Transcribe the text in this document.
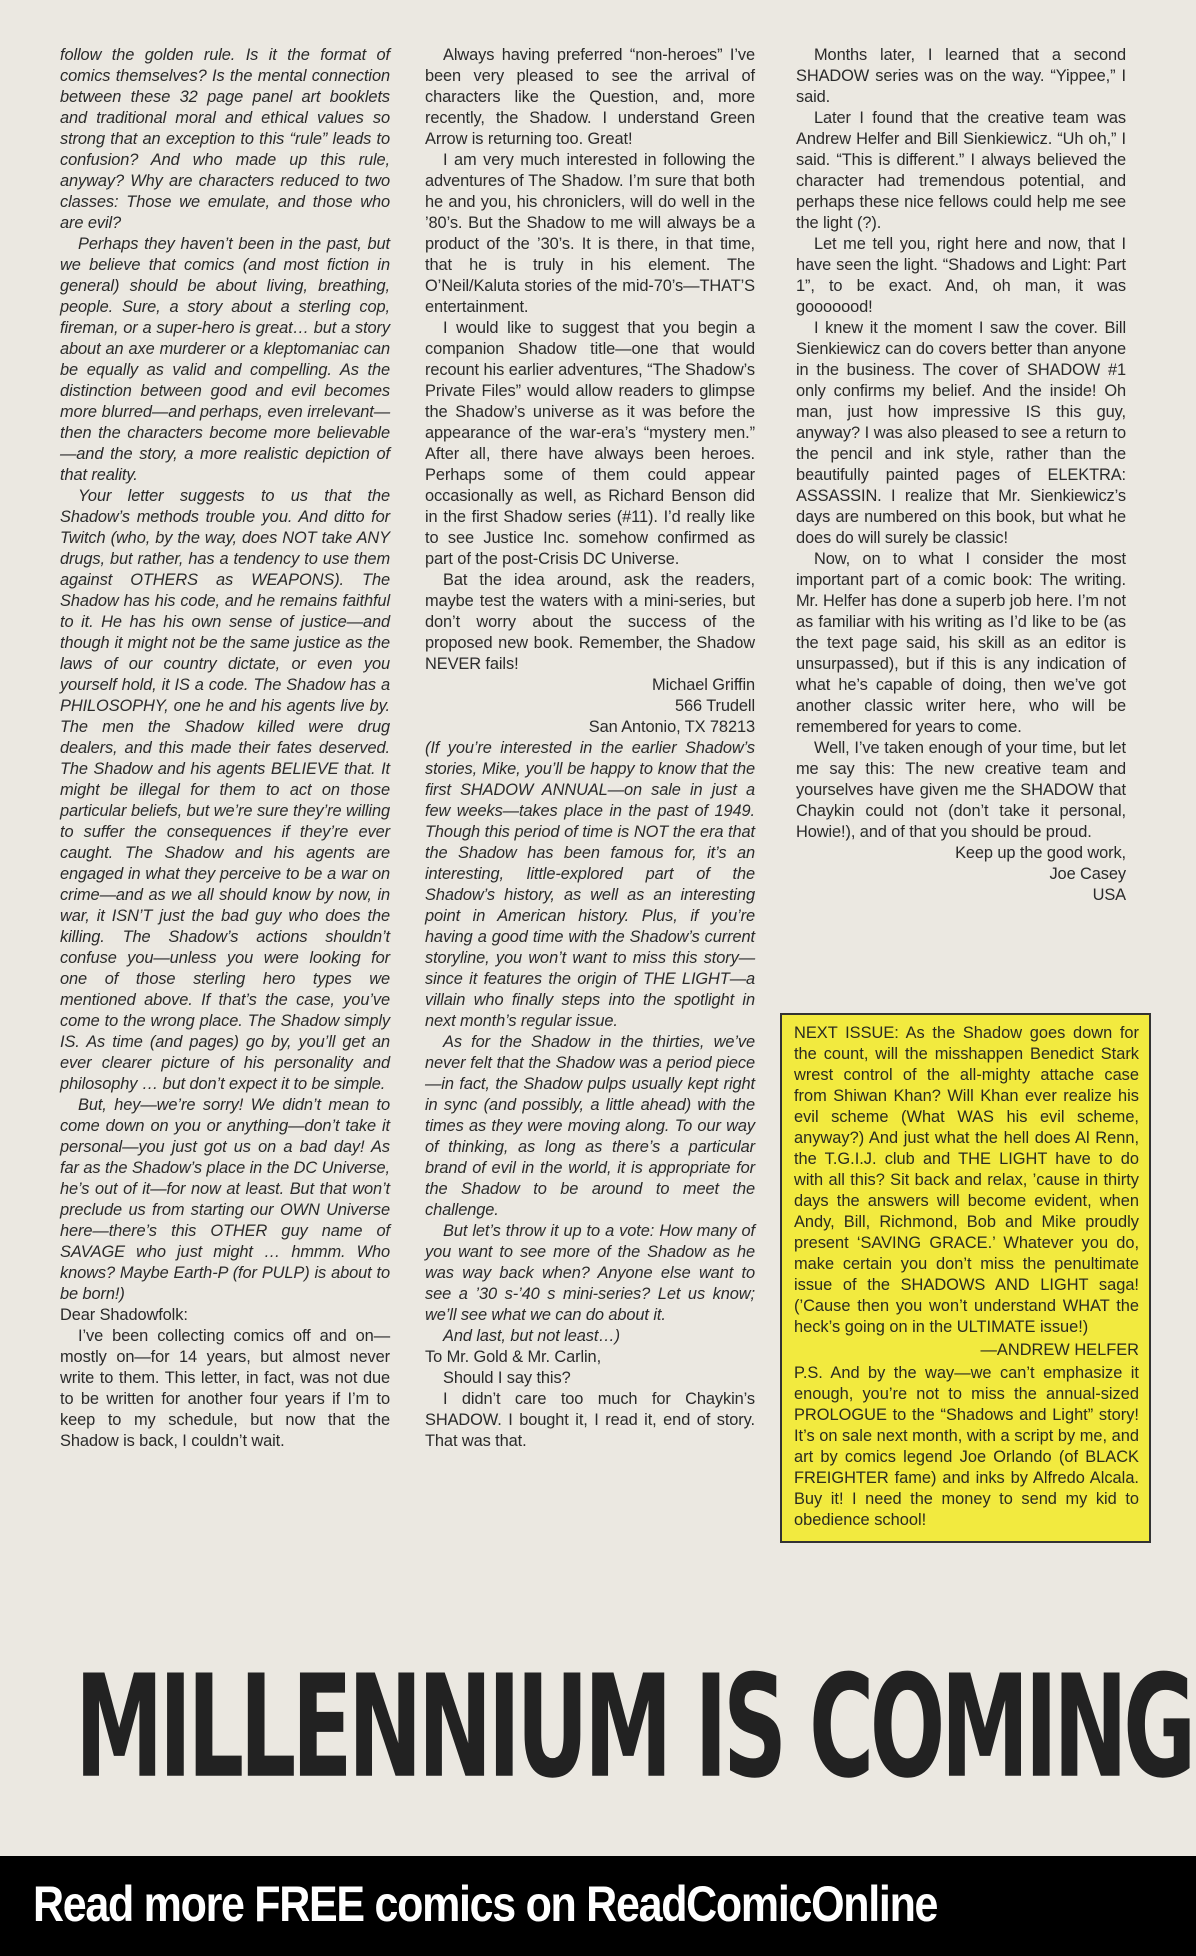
follow the golden rule. Is it the format of comics themselves? Is the mental connection between these 32 page panel art booklets and traditional moral and ethical values so strong that an exception to this “rule” leads to confusion? And who made up this rule, anyway? Why are characters reduced to two classes: Those we emulate, and those who are evil?

Perhaps they haven’t been in the past, but we believe that comics (and most fiction in general) should be about living, breathing, people. Sure, a story about a sterling cop, fireman, or a super-hero is great… but a story about an axe murderer or a kleptomaniac can be equally as valid and compelling. As the distinction between good and evil becomes more blurred—and perhaps, even irrelevant—then the characters become more believable—and the story, a more realistic depiction of that reality.

Your letter suggests to us that the Shadow’s methods trouble you. And ditto for Twitch (who, by the way, does NOT take ANY drugs, but rather, has a tendency to use them against OTHERS as WEAPONS). The Shadow has his code, and he remains faithful to it. He has his own sense of justice—and though it might not be the same justice as the laws of our country dictate, or even you yourself hold, it IS a code. The Shadow has a PHILOSOPHY, one he and his agents live by. The men the Shadow killed were drug dealers, and this made their fates deserved. The Shadow and his agents BELIEVE that. It might be illegal for them to act on those particular beliefs, but we’re sure they’re willing to suffer the consequences if they’re ever caught. The Shadow and his agents are engaged in what they perceive to be a war on crime—and as we all should know by now, in war, it ISN’T just the bad guy who does the killing. The Shadow’s actions shouldn’t confuse you—unless you were looking for one of those sterling hero types we mentioned above. If that’s the case, you’ve come to the wrong place. The Shadow simply IS. As time (and pages) go by, you’ll get an ever clearer picture of his personality and philosophy … but don’t expect it to be simple.

But, hey—we’re sorry! We didn’t mean to come down on you or anything—don’t take it personal—you just got us on a bad day! As far as the Shadow’s place in the DC Universe, he’s out of it—for now at least. But that won’t preclude us from starting our OWN Universe here—there’s this OTHER guy name of SAVAGE who just might … hmmm. Who knows? Maybe Earth-P (for PULP) is about to be born!)

Dear Shadowfolk:

I’ve been collecting comics off and on—mostly on—for 14 years, but almost never write to them. This letter, in fact, was not due to be written for another four years if I’m to keep to my schedule, but now that the Shadow is back, I couldn’t wait.

Always having preferred “non-heroes” I’ve been very pleased to see the arrival of characters like the Question, and, more recently, the Shadow. I understand Green Arrow is returning too. Great!

I am very much interested in following the adventures of The Shadow. I’m sure that both he and you, his chroniclers, will do well in the ’80’s. But the Shadow to me will always be a product of the ’30’s. It is there, in that time, that he is truly in his element. The O’Neil/Kaluta stories of the mid-70’s—THAT’S entertainment.

I would like to suggest that you begin a companion Shadow title—one that would recount his earlier adventures, “The Shadow’s Private Files” would allow readers to glimpse the Shadow’s universe as it was before the appearance of the war-era’s “mystery men.” After all, there have always been heroes. Perhaps some of them could appear occasionally as well, as Richard Benson did in the first Shadow series (#11). I’d really like to see Justice Inc. somehow confirmed as part of the post-Crisis DC Universe.

Bat the idea around, ask the readers, maybe test the waters with a mini-series, but don’t worry about the success of the proposed new book. Remember, the Shadow NEVER fails!

Michael Griffin

566 Trudell

San Antonio, TX 78213

(If you’re interested in the earlier Shadow’s stories, Mike, you’ll be happy to know that the first SHADOW ANNUAL—on sale in just a few weeks—takes place in the past of 1949. Though this period of time is NOT the era that the Shadow has been famous for, it’s an interesting, little-explored part of the Shadow’s history, as well as an interesting point in American history. Plus, if you’re having a good time with the Shadow’s current storyline, you won’t want to miss this story—since it features the origin of THE LIGHT—a villain who finally steps into the spotlight in next month’s regular issue.

As for the Shadow in the thirties, we’ve never felt that the Shadow was a period piece—in fact, the Shadow pulps usually kept right in sync (and possibly, a little ahead) with the times as they were moving along. To our way of thinking, as long as there’s a particular brand of evil in the world, it is appropriate for the Shadow to be around to meet the challenge.

But let’s throw it up to a vote: How many of you want to see more of the Shadow as he was way back when? Anyone else want to see a ’30 s-’40 s mini-series? Let us know; we’ll see what we can do about it.

And last, but not least…)

To Mr. Gold & Mr. Carlin,

Should I say this?

I didn’t care too much for Chaykin’s SHADOW. I bought it, I read it, end of story. That was that.

Months later, I learned that a second SHADOW series was on the way. “Yippee,” I said.

Later I found that the creative team was Andrew Helfer and Bill Sienkiewicz. “Uh oh,” I said. “This is different.” I always believed the character had tremendous potential, and perhaps these nice fellows could help me see the light (?).

Let me tell you, right here and now, that I have seen the light. “Shadows and Light: Part 1”, to be exact. And, oh man, it was gooooood!

I knew it the moment I saw the cover. Bill Sienkiewicz can do covers better than anyone in the business. The cover of SHADOW #1 only confirms my belief. And the inside! Oh man, just how impressive IS this guy, anyway? I was also pleased to see a return to the pencil and ink style, rather than the beautifully painted pages of ELEKTRA: ASSASSIN. I realize that Mr. Sienkiewicz’s days are numbered on this book, but what he does do will surely be classic!

Now, on to what I consider the most important part of a comic book: The writing. Mr. Helfer has done a superb job here. I’m not as familiar with his writing as I’d like to be (as the text page said, his skill as an editor is unsurpassed), but if this is any indication of what he’s capable of doing, then we’ve got another classic writer here, who will be remembered for years to come.

Well, I’ve taken enough of your time, but let me say this: The new creative team and yourselves have given me the SHADOW that Chaykin could not (don’t take it personal, Howie!), and of that you should be proud.

Keep up the good work,

Joe Casey

USA

NEXT ISSUE: As the Shadow goes down for the count, will the misshappen Benedict Stark wrest control of the all-mighty attache case from Shiwan Khan? Will Khan ever realize his evil scheme (What WAS his evil scheme, anyway?) And just what the hell does Al Renn, the T.G.I.J. club and THE LIGHT have to do with all this? Sit back and relax, ’cause in thirty days the answers will become evident, when Andy, Bill, Richmond, Bob and Mike proudly present ‘SAVING GRACE.’ Whatever you do, make certain you don’t miss the penultimate issue of the SHADOWS AND LIGHT saga! (’Cause then you won’t understand WHAT the heck’s going on in the ULTIMATE issue!)

—ANDREW HELFER

P.S. And by the way—we can’t emphasize it enough, you’re not to miss the annual-sized PROLOGUE to the “Shadows and Light” story! It’s on sale next month, with a script by me, and art by comics legend Joe Orlando (of BLACK FREIGHTER fame) and inks by Alfredo Alcala. Buy it! I need the money to send my kid to obedience school!

MILLENNIUM IS COMING
Read more FREE comics on ReadComicOnline
